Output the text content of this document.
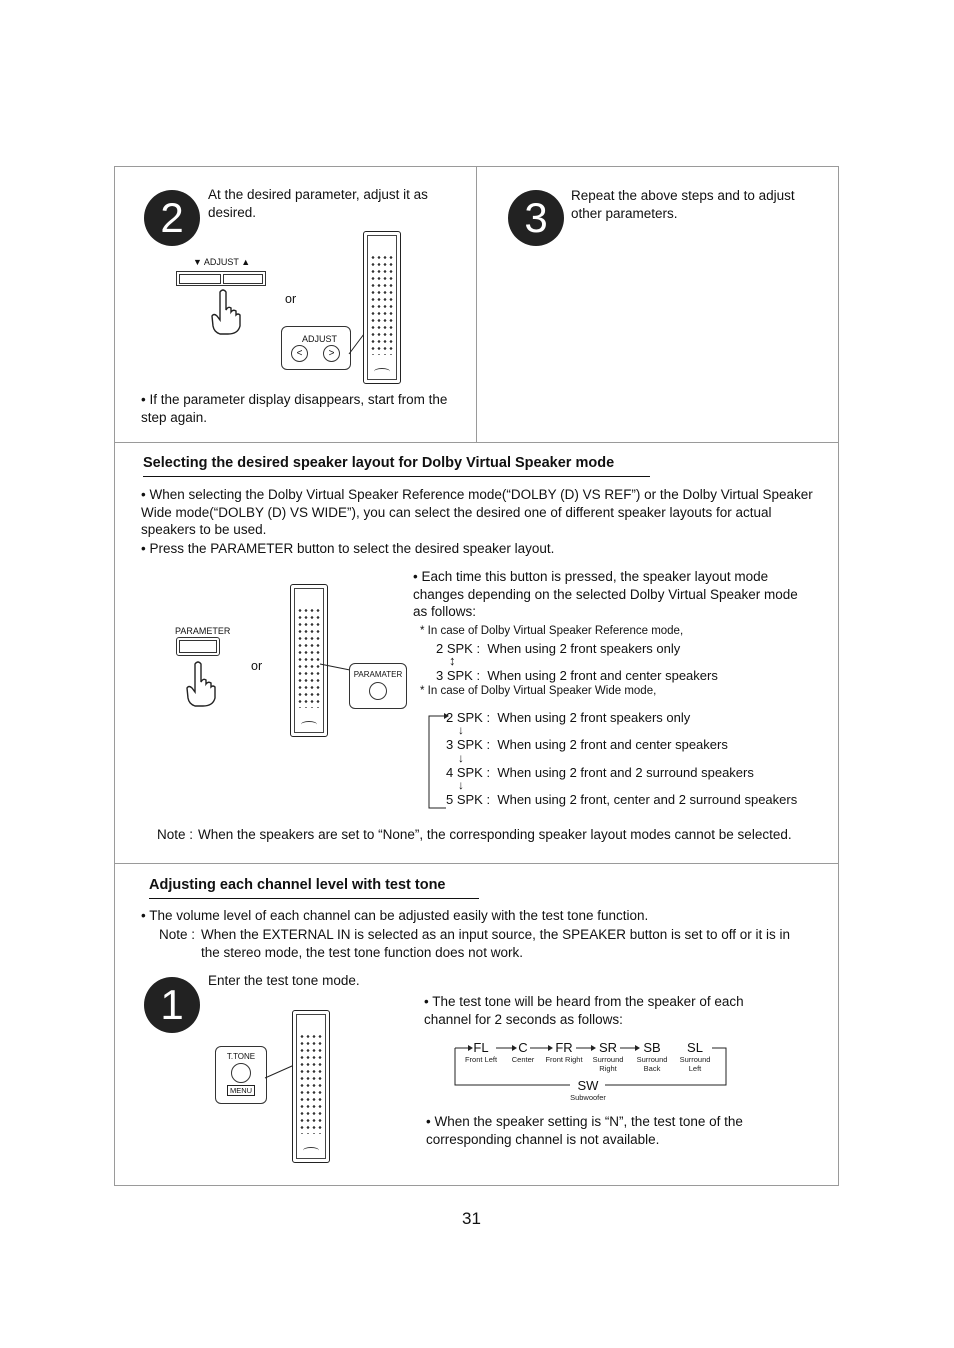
2	At the desired parameter, adjust it as desired.
▼ ADJUST ▲
or
ADJUST
<	>
• If the parameter display disappears, start from the step again.
3	Repeat the above steps and to adjust other parameters.
Selecting the desired speaker layout for Dolby Virtual Speaker mode
• When selecting the Dolby Virtual Speaker Reference mode(“DOLBY (D) VS REF”) or the Dolby Virtual Speaker Wide mode(“DOLBY (D) VS WIDE”), you can select the desired one of different speaker layouts for actual speakers to be used.
• Press the PARAMETER button to select the desired speaker layout.
PARAMETER
or
PARAMATER
• Each time this button is pressed, the speaker layout mode changes depending on the selected Dolby Virtual Speaker mode as follows:
* In case of Dolby Virtual Speaker Reference mode,
2 SPK : When using 2 front speakers only
↕
3 SPK : When using 2 front and center speakers
* In case of Dolby Virtual Speaker Wide mode,
2 SPK : When using 2 front speakers only
↓
3 SPK : When using 2 front and center speakers
↓
4 SPK : When using 2 front and 2 surround speakers
↓
5 SPK : When using 2 front, center and 2 surround speakers
Note : When the speakers are set to “None”, the corresponding speaker layout modes cannot be selected.
Adjusting each channel level with test tone
• The volume level of each channel can be adjusted easily with the test tone function.
Note : When the EXTERNAL IN is selected as an input source, the SPEAKER button is set to off or it is in the stereo mode, the test tone function does not work.
1
Enter the test tone mode.
T.TONE
MENU
• The test tone will be heard from the speaker of each channel for 2 seconds as follows:
FL
Front Left
C
Center
FR
Front Right
SR
Surround Right
SB
Surround Back
SL
Surround Left
SW
Subwoofer
• When the speaker setting is “N”, the test tone of the corresponding channel is not available.
31
